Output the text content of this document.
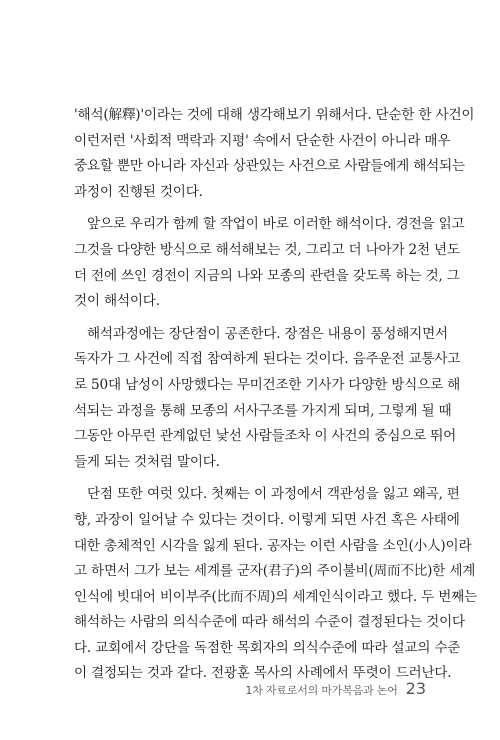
'해석(解釋)'이라는 것에 대해 생각해보기 위해서다. 단순한 한 사건이
이런저런 '사회적 맥락과 지평' 속에서 단순한 사건이 아니라 매우
중요할 뿐만 아니라 자신과 상관있는 사건으로 사람들에게 해석되는
과정이 진행된 것이다.
앞으로 우리가 함께 할 작업이 바로 이러한 해석이다. 경전을 읽고
그것을 다양한 방식으로 해석해보는 것, 그리고 더 나아가 2천 년도
더 전에 쓰인 경전이 지금의 나와 모종의 관련을 갖도록 하는 것, 그
것이 해석이다.
해석과정에는 장단점이 공존한다. 장점은 내용이 풍성해지면서
독자가 그 사건에 직접 참여하게 된다는 것이다. 음주운전 교통사고
로 50대 남성이 사망했다는 무미건조한 기사가 다양한 방식으로 해
석되는 과정을 통해 모종의 서사구조를 가지게 되며, 그렇게 될 때
그동안 아무런 관계없던 낯선 사람들조차 이 사건의 중심으로 뛰어
들게 되는 것처럼 말이다.
단점 또한 여럿 있다. 첫째는 이 과정에서 객관성을 잃고 왜곡, 편
향, 과장이 일어날 수 있다는 것이다. 이렇게 되면 사건 혹은 사태에
대한 총체적인 시각을 잃게 된다. 공자는 이런 사람을 소인(小人)이라
고 하면서 그가 보는 세계를 군자(君子)의 주이불비(周而不比)한 세계
인식에 빗대어 비이부주(比而不周)의 세계인식이라고 했다. 두 번째는
해석하는 사람의 의식수준에 따라 해석의 수준이 결정된다는 것이다
다. 교회에서 강단을 독점한 목회자의 의식수준에 따라 설교의 수준
이 결정되는 것과 같다. 전광훈 목사의 사례에서 뚜렷이 드러난다.
1차 자료로서의 마가복음과 논어 23
